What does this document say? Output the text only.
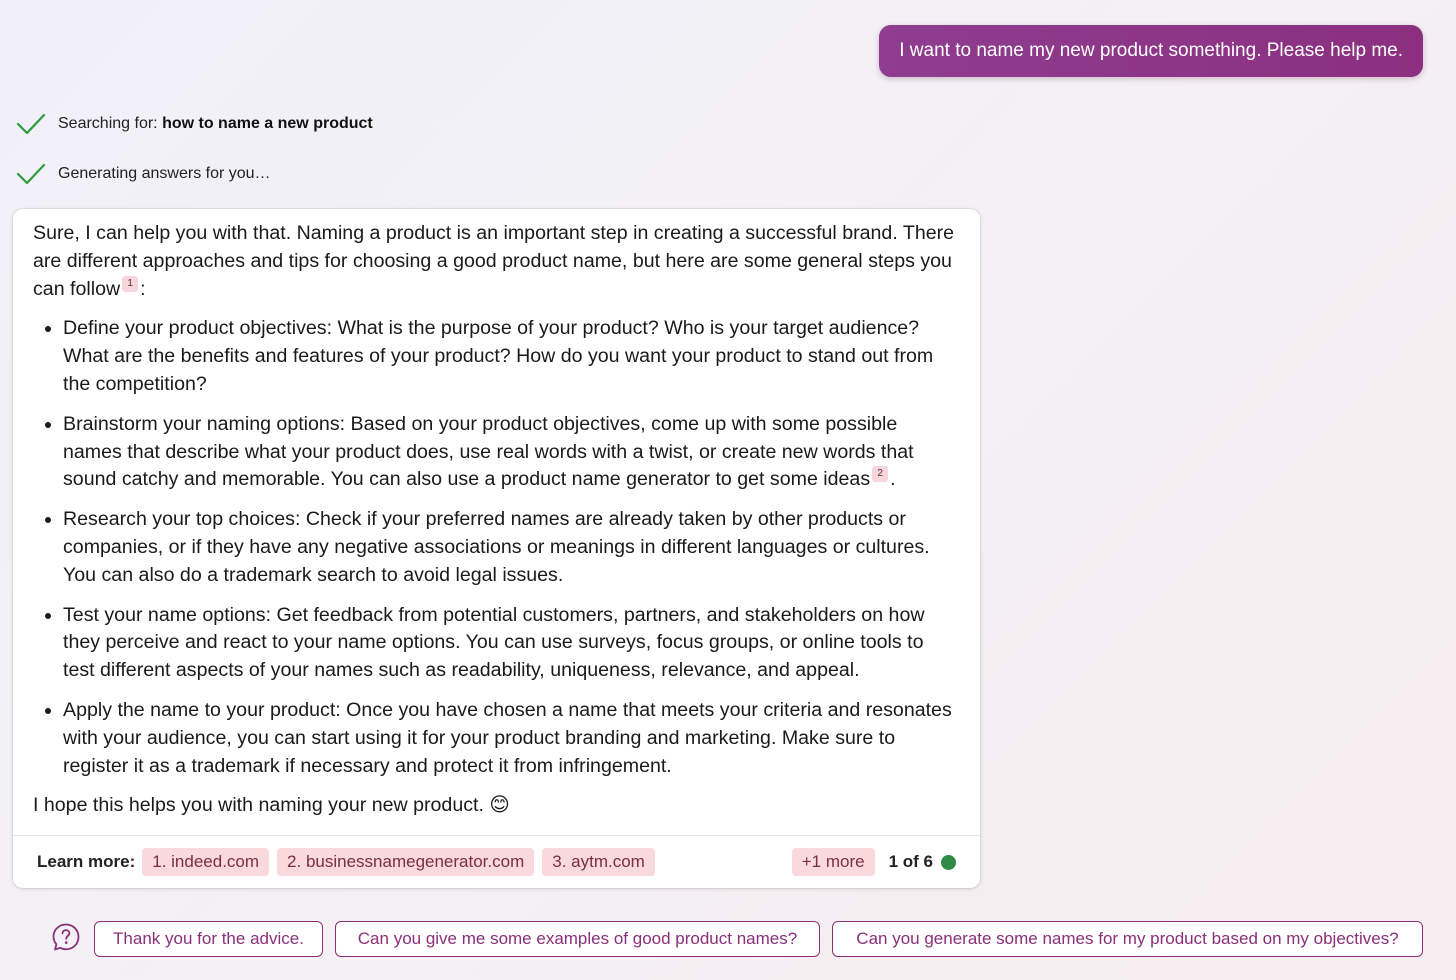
I want to name my new product something. Please help me.
Searching for:
how to name a new product
Generating answers for you…

Sure, I can help you with that. Naming a product is an important step in creating a successful brand. There are different approaches and tips for choosing a good product name, but here are some general steps you can follow 1 :

• Define your product objectives: What is the purpose of your product? Who is your target audience? What are the benefits and features of your product? How do you want your product to stand out from the competition?
• Brainstorm your naming options: Based on your product objectives, come up with some possible names that describe what your product does, use real words with a twist, or create new words that sound catchy and memorable. You can also use a product name generator to get some ideas 2 .
• Research your top choices: Check if your preferred names are already taken by other products or companies, or if they have any negative associations or meanings in different languages or cultures. You can also do a trademark search to avoid legal issues.
• Test your name options: Get feedback from potential customers, partners, and stakeholders on how they perceive and react to your name options. You can use surveys, focus groups, or online tools to test different aspects of your names such as readability, uniqueness, relevance, and appeal.
• Apply the name to your product: Once you have chosen a name that meets your criteria and resonates with your audience, you can start using it for your product branding and marketing. Make sure to register it as a trademark if necessary and protect it from infringement.

I hope this helps you with naming your new product. 😊

Learn more:	1. indeed.com	2. businessnamegenerator.com	3. aytm.com	+1 more	1 of 6
Thank you for the advice.	Can you give me some examples of good product names?	Can you generate some names for my product based on my objectives?
